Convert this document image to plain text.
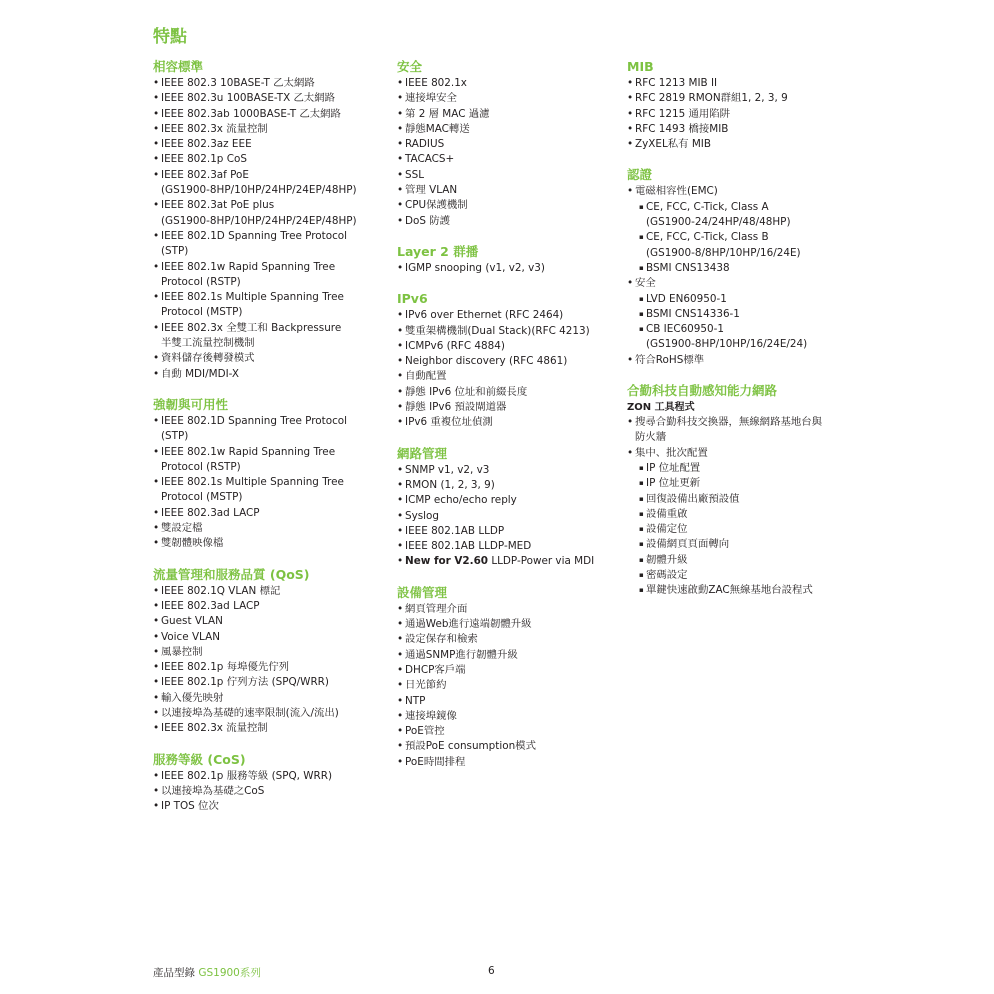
特點
相容標準
• IEEE 802.3 10BASE-T 乙太網路
• IEEE 802.3u 100BASE-TX 乙太網路
• IEEE 802.3ab 1000BASE-T 乙太網路
• IEEE 802.3x 流量控制
• IEEE 802.3az EEE
• IEEE 802.1p CoS
• IEEE 802.3af PoE
(GS1900-8HP/10HP/24HP/24EP/48HP)
• IEEE 802.3at PoE plus
(GS1900-8HP/10HP/24HP/24EP/48HP)
• IEEE 802.1D Spanning Tree Protocol
(STP)
• IEEE 802.1w Rapid Spanning Tree
Protocol (RSTP)
• IEEE 802.1s Multiple Spanning Tree
Protocol (MSTP)
• IEEE 802.3x 全雙工和 Backpressure
半雙工流量控制機制
• 資料儲存後轉發模式
• 自動 MDI/MDI-X
強韌與可用性
• IEEE 802.1D Spanning Tree Protocol
(STP)
• IEEE 802.1w Rapid Spanning Tree
Protocol (RSTP)
• IEEE 802.1s Multiple Spanning Tree
Protocol (MSTP)
• IEEE 802.3ad LACP
• 雙設定檔
• 雙韌體映像檔
流量管理和服務品質 (QoS)
• IEEE 802.1Q VLAN 標記
• IEEE 802.3ad LACP
• Guest VLAN
• Voice VLAN
• 風暴控制
• IEEE 802.1p 每埠優先佇列
• IEEE 802.1p 佇列方法 (SPQ/WRR)
• 輸入優先映射
• 以連接埠為基礎的速率限制(流入/流出)
• IEEE 802.3x 流量控制
服務等級 (CoS)
• IEEE 802.1p 服務等級 (SPQ, WRR)
• 以連接埠為基礎之CoS
• IP TOS 位次
安全
• IEEE 802.1x
• 連接埠安全
• 第 2 層 MAC 過濾
• 靜態MAC轉送
• RADIUS
• TACACS+
• SSL
• 管理 VLAN
• CPU保護機制
• DoS 防護
Layer 2 群播
• IGMP snooping (v1, v2, v3)
IPv6
• IPv6 over Ethernet (RFC 2464)
• 雙重架構機制(Dual Stack)(RFC 4213)
• ICMPv6 (RFC 4884)
• Neighbor discovery (RFC 4861)
• 自動配置
• 靜態 IPv6 位址和前綴長度
• 靜態 IPv6 預設閘道器
• IPv6 重複位址偵測
網路管理
• SNMP v1, v2, v3
• RMON (1, 2, 3, 9)
• ICMP echo/echo reply
• Syslog
• IEEE 802.1AB LLDP
• IEEE 802.1AB LLDP-MED
• New for V2.60 LLDP-Power via MDI
設備管理
• 網頁管理介面
• 通過Web進行遠端韌體升級
• 設定保存和檢索
• 通過SNMP進行韌體升級
• DHCP客戶端
• 日光節約
• NTP
• 連接埠鏡像
• PoE管控
• 預設PoE consumption模式
• PoE時間排程
MIB
• RFC 1213 MIB II
• RFC 2819 RMON群組1, 2, 3, 9
• RFC 1215 通用陷阱
• RFC 1493 橋接MIB
• ZyXEL私有 MIB
認證
• 電磁相容性(EMC)
▪ CE, FCC, C-Tick, Class A
(GS1900-24/24HP/48/48HP)
▪ CE, FCC, C-Tick, Class B
(GS1900-8/8HP/10HP/16/24E)
▪ BSMI CNS13438
• 安全
▪ LVD EN60950-1
▪ BSMI CNS14336-1
▪ CB IEC60950-1
(GS1900-8HP/10HP/16/24E/24)
• 符合RoHS標準
合勤科技自動感知能力網路
ZON 工具程式
• 搜尋合勤科技交換器，無線網路基地台與
防火牆
• 集中、批次配置
▪ IP 位址配置
▪ IP 位址更新
▪ 回復設備出廠預設值
▪ 設備重啟
▪ 設備定位
▪ 設備網頁頁面轉向
▪ 韌體升級
▪ 密碼設定
▪ 單鍵快速啟動ZAC無線基地台設程式
產品型錄 GS1900系列	6
